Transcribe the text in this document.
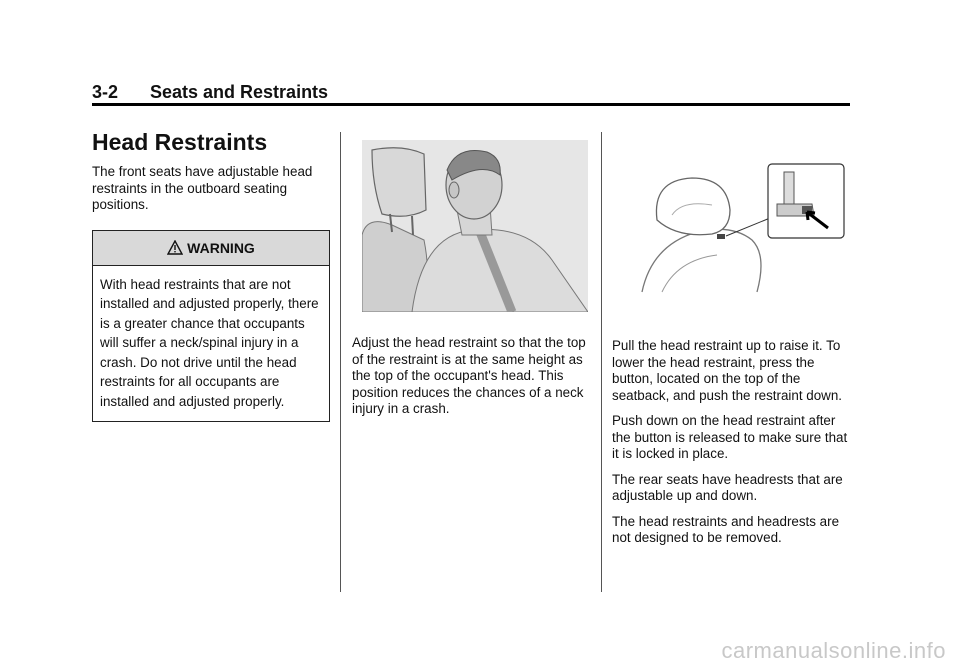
3-2 Seats and Restraints
Head Restraints

The front seats have adjustable head restraints in the outboard seating positions.

WARNING
With head restraints that are not installed and adjusted properly, there is a greater chance that occupants will suffer a neck/spinal injury in a crash. Do not drive until the head restraints for all occupants are installed and adjusted properly.

Adjust the head restraint so that the top of the restraint is at the same height as the top of the occupant's head. This position reduces the chances of a neck injury in a crash.

Pull the head restraint up to raise it. To lower the head restraint, press the button, located on the top of the seatback, and push the restraint down.

Push down on the head restraint after the button is released to make sure that it is locked in place.

The rear seats have headrests that are adjustable up and down.

The head restraints and headrests are not designed to be removed.

carmanualsonline.info
